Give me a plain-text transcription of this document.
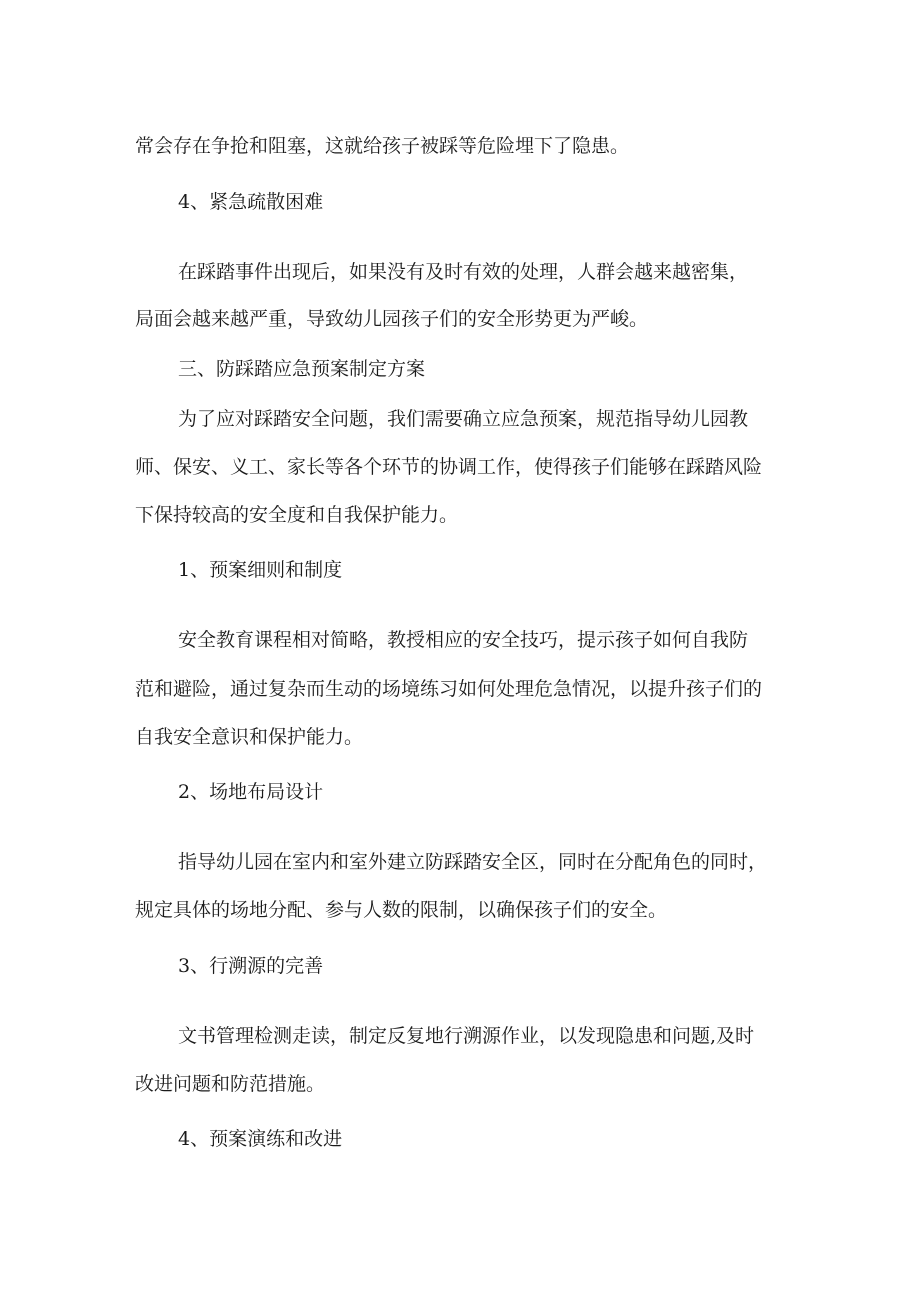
常会存在争抢和阻塞，这就给孩子被踩等危险埋下了隐患。

4、紧急疏散困难

在踩踏事件出现后，如果没有及时有效的处理，人群会越来越密集，

局面会越来越严重，导致幼儿园孩子们的安全形势更为严峻。

三、防踩踏应急预案制定方案

为了应对踩踏安全问题，我们需要确立应急预案，规范指导幼儿园教

师、保安、义工、家长等各个环节的协调工作，使得孩子们能够在踩踏风险

下保持较高的安全度和自我保护能力。

1、预案细则和制度

安全教育课程相对简略，教授相应的安全技巧，提示孩子如何自我防

范和避险，通过复杂而生动的场境练习如何处理危急情况，以提升孩子们的

自我安全意识和保护能力。

2、场地布局设计

指导幼儿园在室内和室外建立防踩踏安全区，同时在分配角色的同时，

规定具体的场地分配、参与人数的限制，以确保孩子们的安全。

3、行溯源的完善

文书管理检测走读，制定反复地行溯源作业，以发现隐患和问题,及时

改进问题和防范措施。

4、预案演练和改进
